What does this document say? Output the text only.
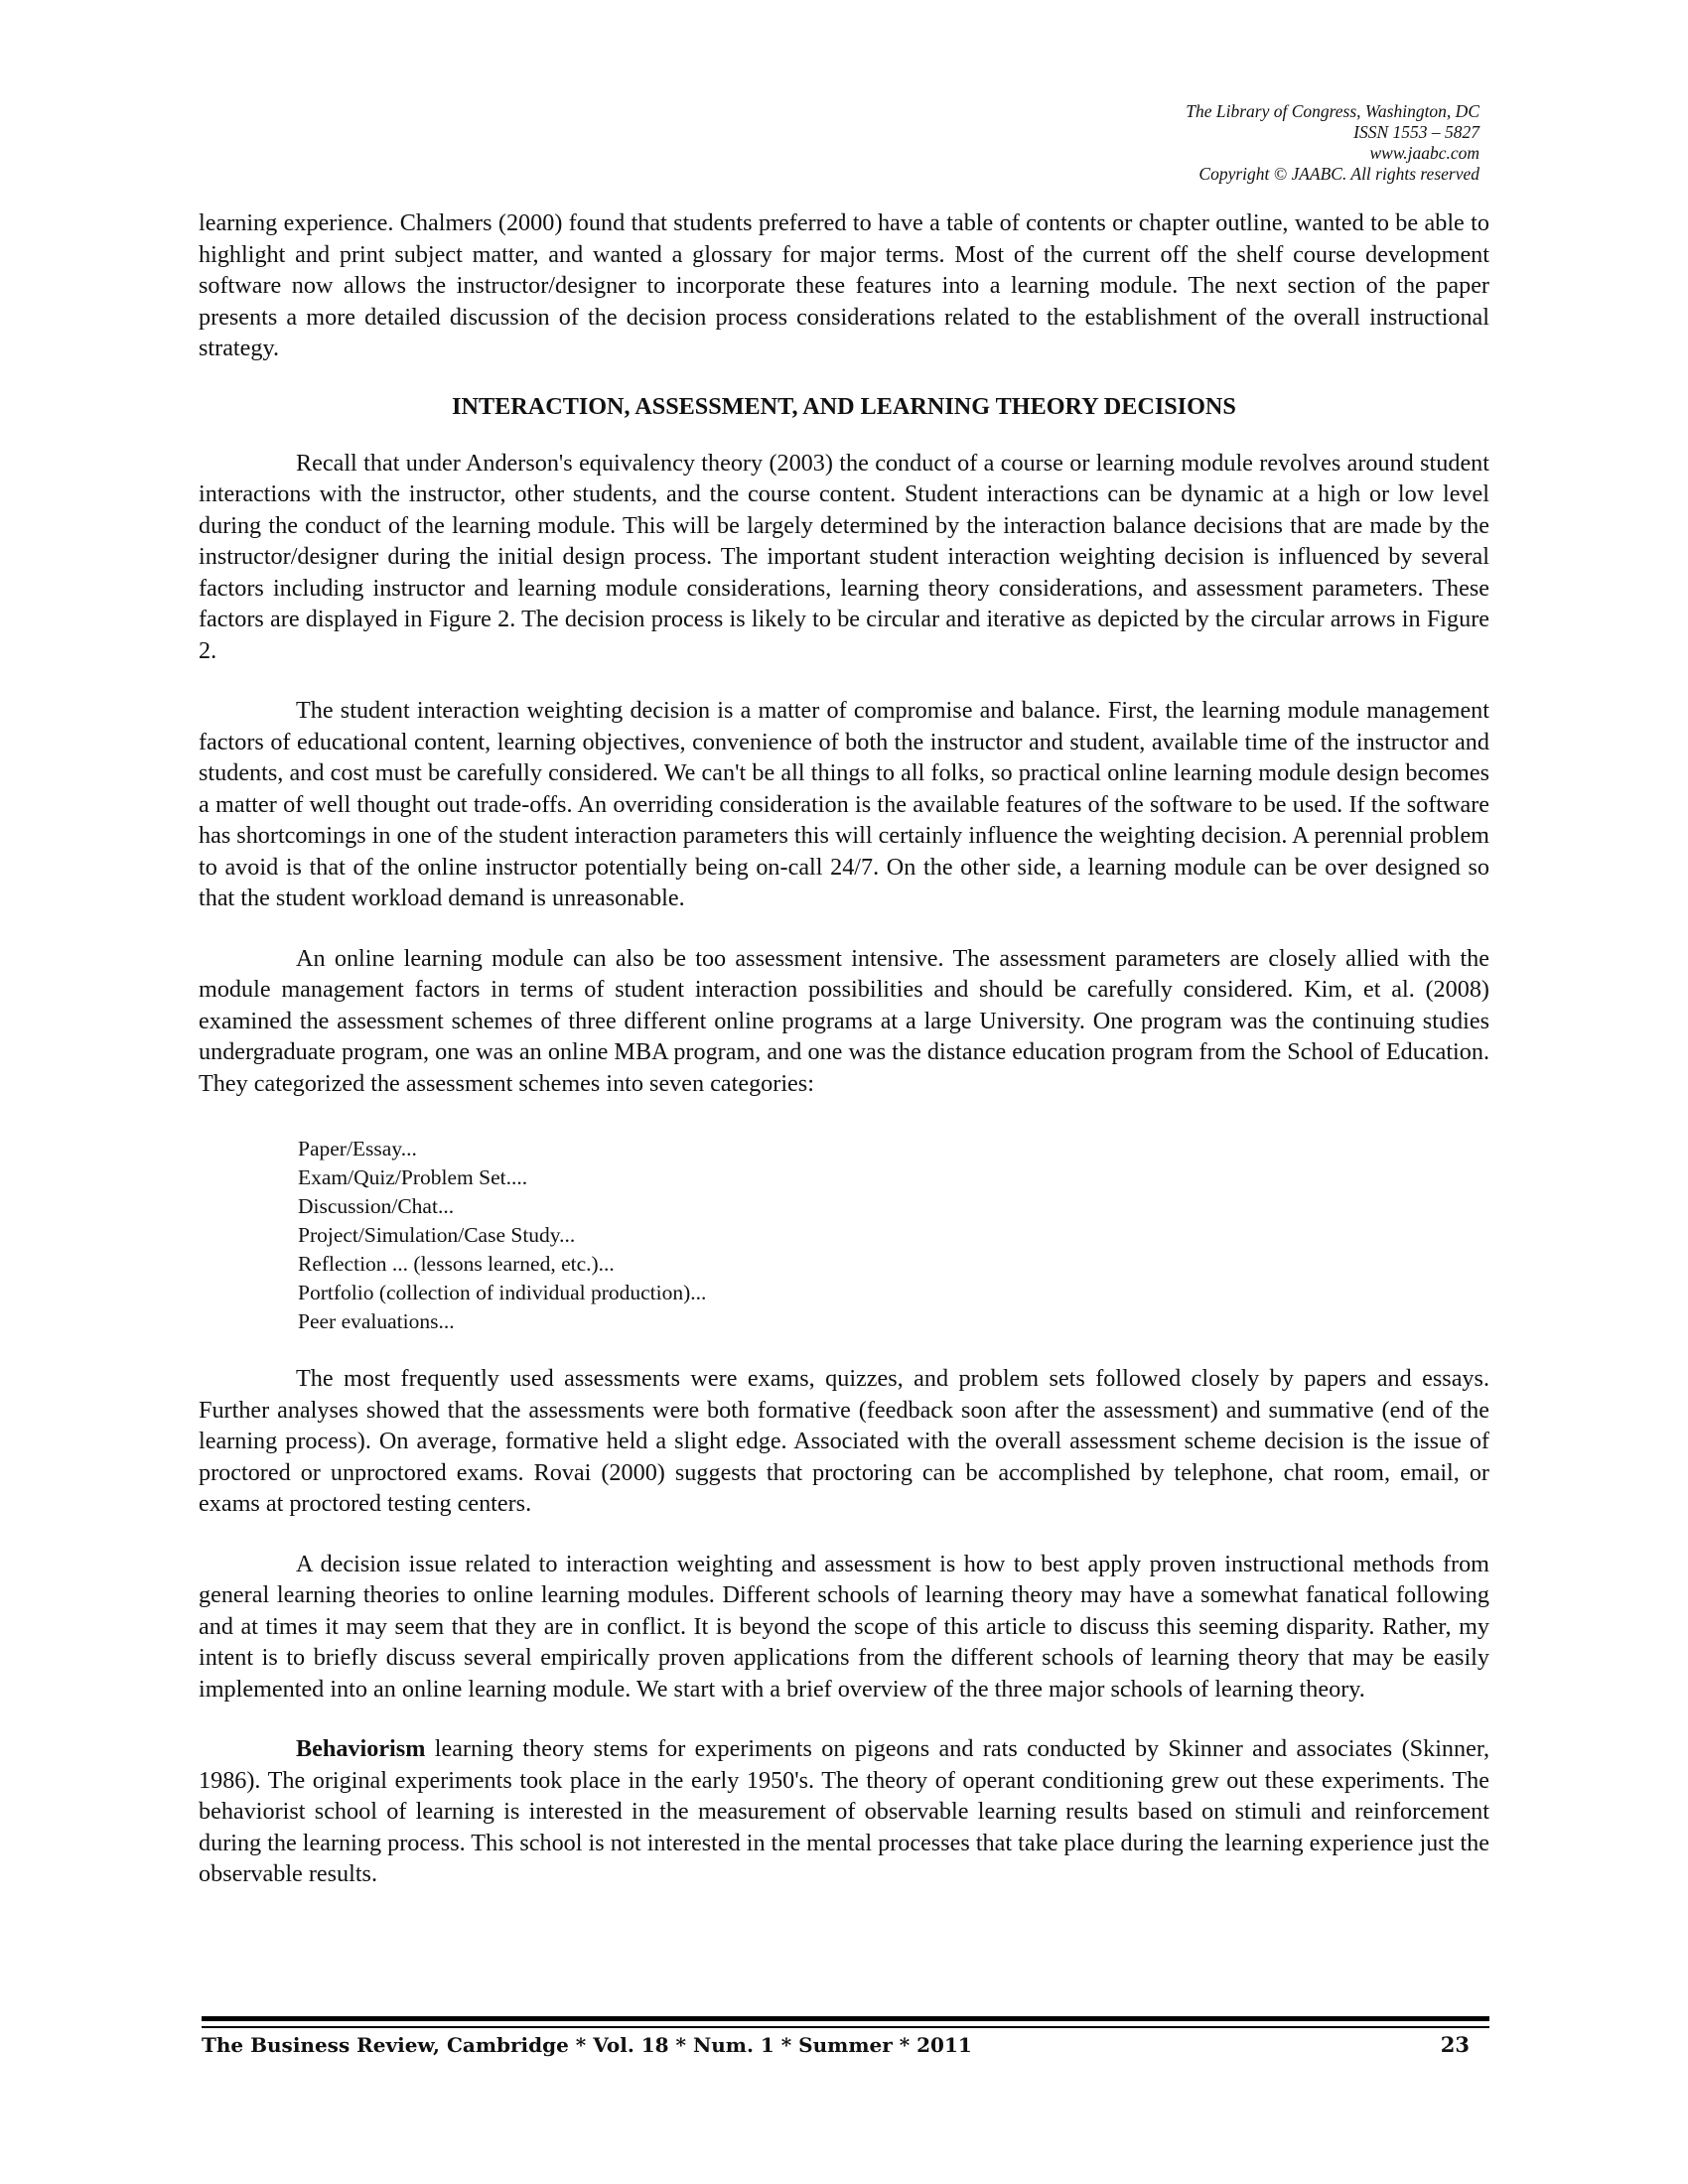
The Library of Congress, Washington, DC
ISSN 1553 – 5827
www.jaabc.com
Copyright © JAABC. All rights reserved

learning experience. Chalmers (2000) found that students preferred to have a table of contents or chapter outline, wanted to be able to highlight and print subject matter, and wanted a glossary for major terms. Most of the current off the shelf course development software now allows the instructor/designer to incorporate these features into a learning module. The next section of the paper presents a more detailed discussion of the decision process considerations related to the establishment of the overall instructional strategy.

INTERACTION, ASSESSMENT, AND LEARNING THEORY DECISIONS

Recall that under Anderson's equivalency theory (2003) the conduct of a course or learning module revolves around student interactions with the instructor, other students, and the course content. Student interactions can be dynamic at a high or low level during the conduct of the learning module. This will be largely determined by the interaction balance decisions that are made by the instructor/designer during the initial design process. The important student interaction weighting decision is influenced by several factors including instructor and learning module considerations, learning theory considerations, and assessment parameters. These factors are displayed in Figure 2. The decision process is likely to be circular and iterative as depicted by the circular arrows in Figure 2.

The student interaction weighting decision is a matter of compromise and balance. First, the learning module management factors of educational content, learning objectives, convenience of both the instructor and student, available time of the instructor and students, and cost must be carefully considered. We can't be all things to all folks, so practical online learning module design becomes a matter of well thought out trade-offs. An overriding consideration is the available features of the software to be used. If the software has shortcomings in one of the student interaction parameters this will certainly influence the weighting decision. A perennial problem to avoid is that of the online instructor potentially being on-call 24/7. On the other side, a learning module can be over designed so that the student workload demand is unreasonable.

An online learning module can also be too assessment intensive. The assessment parameters are closely allied with the module management factors in terms of student interaction possibilities and should be carefully considered. Kim, et al. (2008) examined the assessment schemes of three different online programs at a large University. One program was the continuing studies undergraduate program, one was an online MBA program, and one was the distance education program from the School of Education. They categorized the assessment schemes into seven categories:

Paper/Essay...
Exam/Quiz/Problem Set....
Discussion/Chat...
Project/Simulation/Case Study...
Reflection ... (lessons learned, etc.)...
Portfolio (collection of individual production)...
Peer evaluations...

The most frequently used assessments were exams, quizzes, and problem sets followed closely by papers and essays. Further analyses showed that the assessments were both formative (feedback soon after the assessment) and summative (end of the learning process). On average, formative held a slight edge. Associated with the overall assessment scheme decision is the issue of proctored or unproctored exams. Rovai (2000) suggests that proctoring can be accomplished by telephone, chat room, email, or exams at proctored testing centers.

A decision issue related to interaction weighting and assessment is how to best apply proven instructional methods from general learning theories to online learning modules. Different schools of learning theory may have a somewhat fanatical following and at times it may seem that they are in conflict. It is beyond the scope of this article to discuss this seeming disparity. Rather, my intent is to briefly discuss several empirically proven applications from the different schools of learning theory that may be easily implemented into an online learning module. We start with a brief overview of the three major schools of learning theory.

Behaviorism learning theory stems for experiments on pigeons and rats conducted by Skinner and associates (Skinner, 1986). The original experiments took place in the early 1950's. The theory of operant conditioning grew out these experiments. The behaviorist school of learning is interested in the measurement of observable learning results based on stimuli and reinforcement during the learning process. This school is not interested in the mental processes that take place during the learning experience just the observable results.

The Business Review, Cambridge * Vol. 18 * Num. 1 * Summer * 2011	23
